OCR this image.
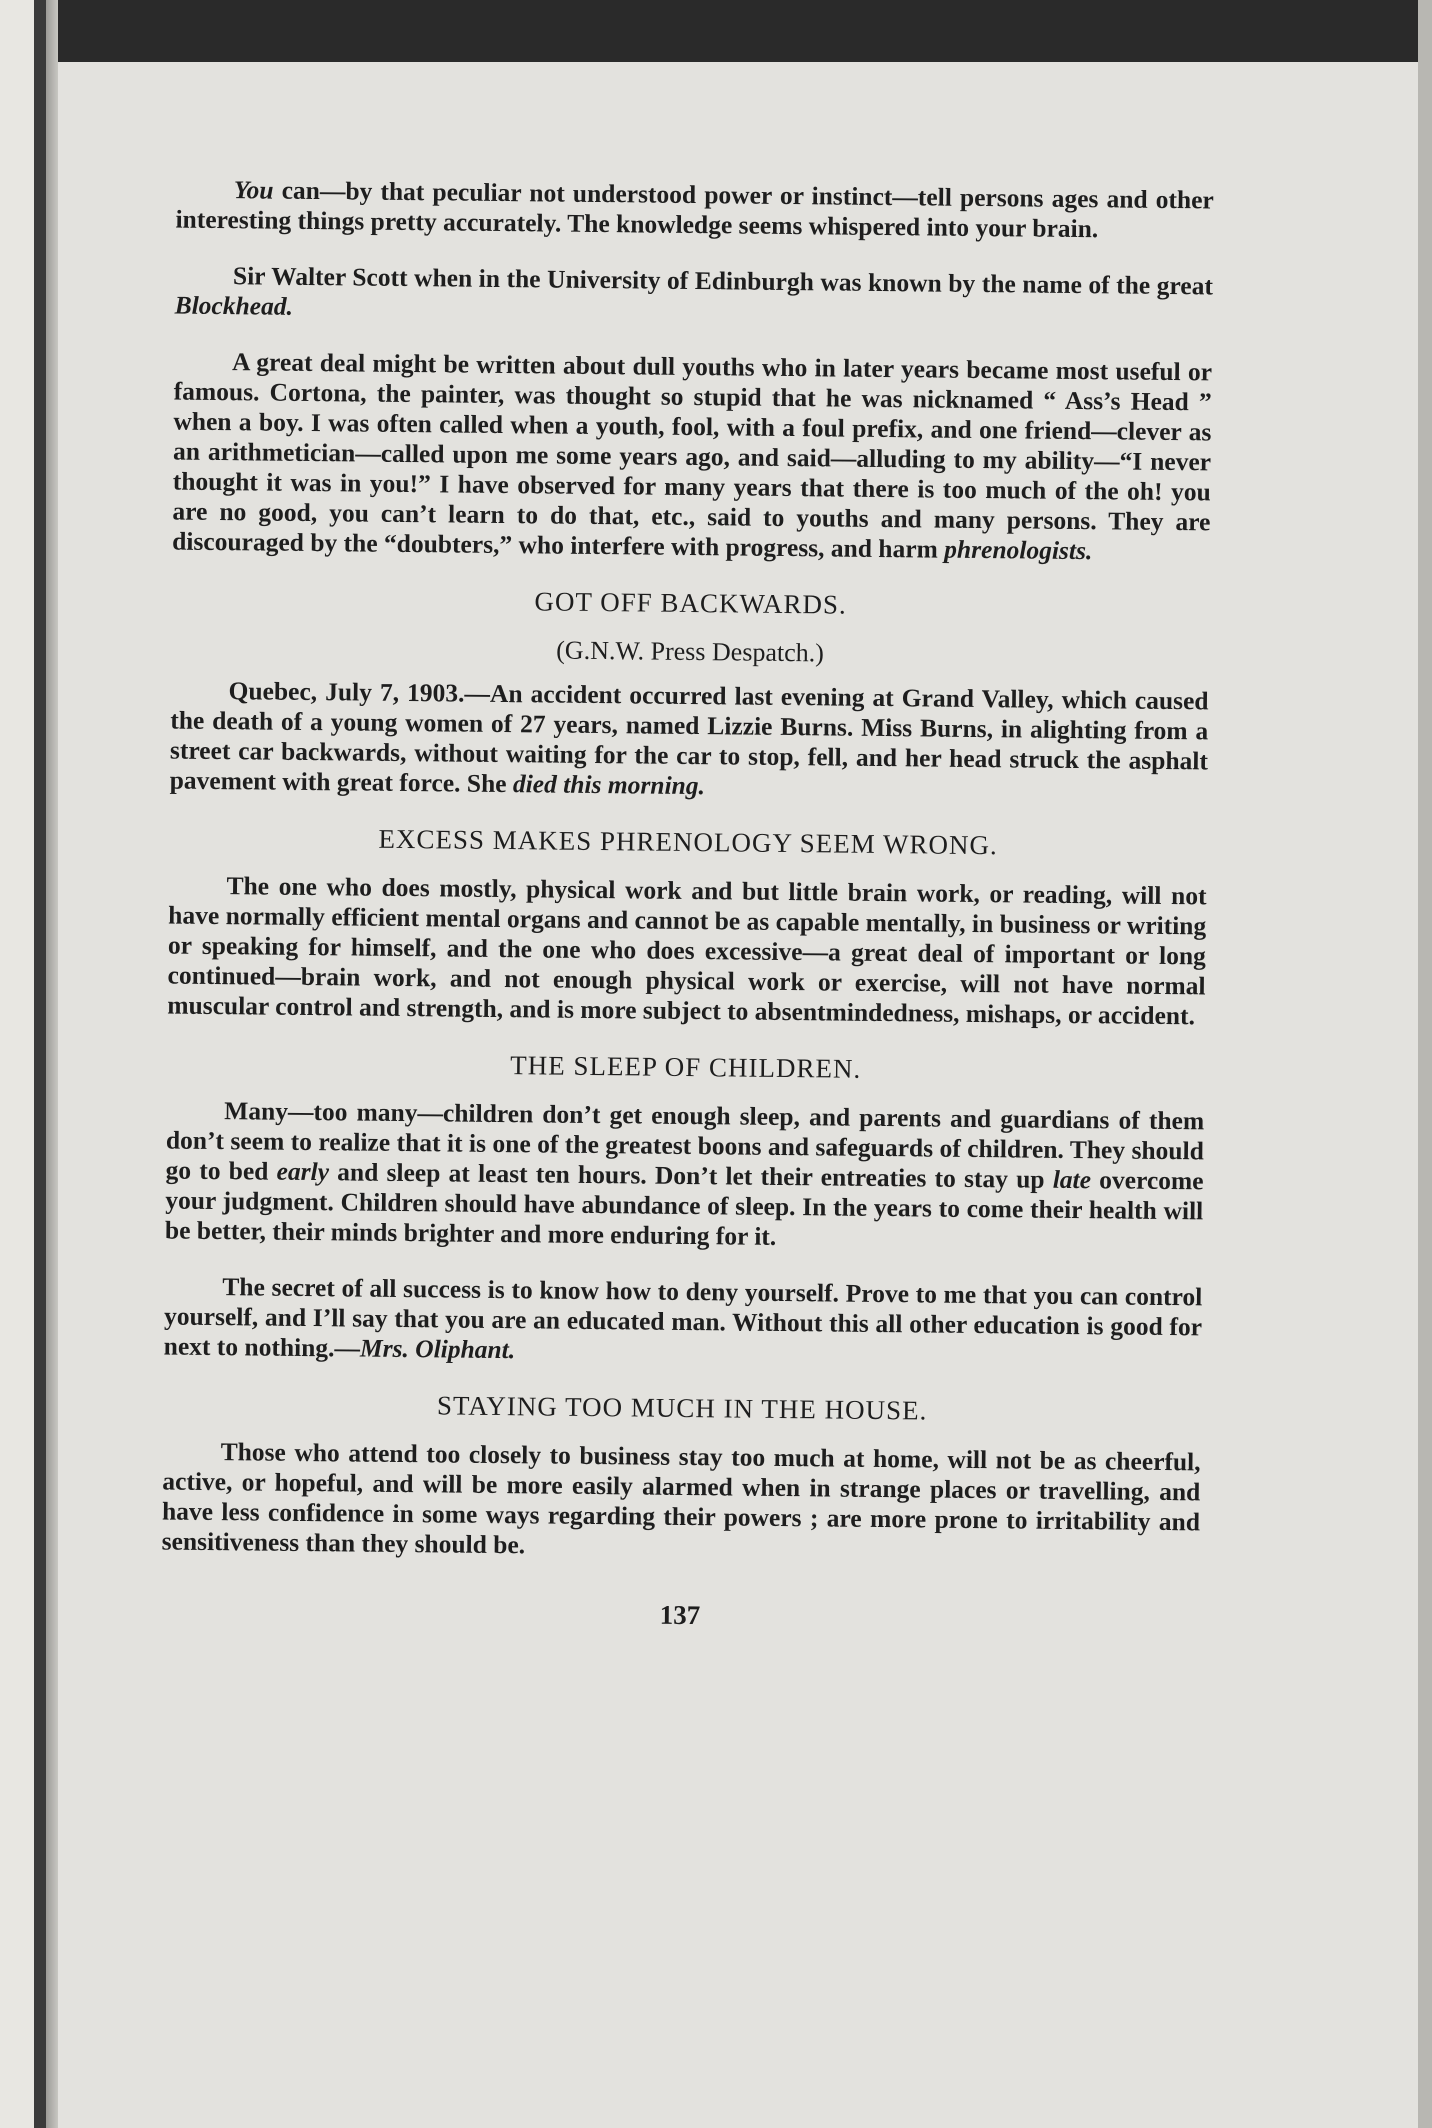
You can—by that peculiar not understood power or instinct—tell persons ages and other interesting things pretty accurately. The knowledge seems whispered into your brain.

Sir Walter Scott when in the University of Edinburgh was known by the name of the great Blockhead.

A great deal might be written about dull youths who in later years became most useful or famous. Cortona, the painter, was thought so stupid that he was nicknamed “ Ass’s Head ” when a boy. I was often called when a youth, fool, with a foul prefix, and one friend—clever as an arithmetician—called upon me some years ago, and said—alluding to my ability—“I never thought it was in you!” I have observed for many years that there is too much of the oh! you are no good, you can’t learn to do that, etc., said to youths and many persons. They are discouraged by the “doubters,” who interfere with progress, and harm phrenologists.

GOT OFF BACKWARDS.
(G.N.W. Press Despatch.)

Quebec, July 7, 1903.—An accident occurred last evening at Grand Valley, which caused the death of a young women of 27 years, named Lizzie Burns. Miss Burns, in alighting from a street car backwards, without waiting for the car to stop, fell, and her head struck the asphalt pavement with great force. She died this morning.

EXCESS MAKES PHRENOLOGY SEEM WRONG.

The one who does mostly, physical work and but little brain work, or reading, will not have normally efficient mental organs and cannot be as capable mentally, in business or writing or speaking for himself, and the one who does excessive—a great deal of important or long continued—brain work, and not enough physical work or exercise, will not have normal muscular control and strength, and is more subject to absentmindedness, mishaps, or accident.

THE SLEEP OF CHILDREN.

Many—too many—children don’t get enough sleep, and parents and guardians of them don’t seem to realize that it is one of the greatest boons and safeguards of children. They should go to bed early and sleep at least ten hours. Don’t let their entreaties to stay up late overcome your judgment. Children should have abundance of sleep. In the years to come their health will be better, their minds brighter and more enduring for it.

The secret of all success is to know how to deny yourself. Prove to me that you can control yourself, and I’ll say that you are an educated man. Without this all other education is good for next to nothing.—Mrs. Oliphant.

STAYING TOO MUCH IN THE HOUSE.

Those who attend too closely to business stay too much at home, will not be as cheerful, active, or hopeful, and will be more easily alarmed when in strange places or travelling, and have less confidence in some ways regarding their powers ; are more prone to irritability and sensitiveness than they should be.

137
